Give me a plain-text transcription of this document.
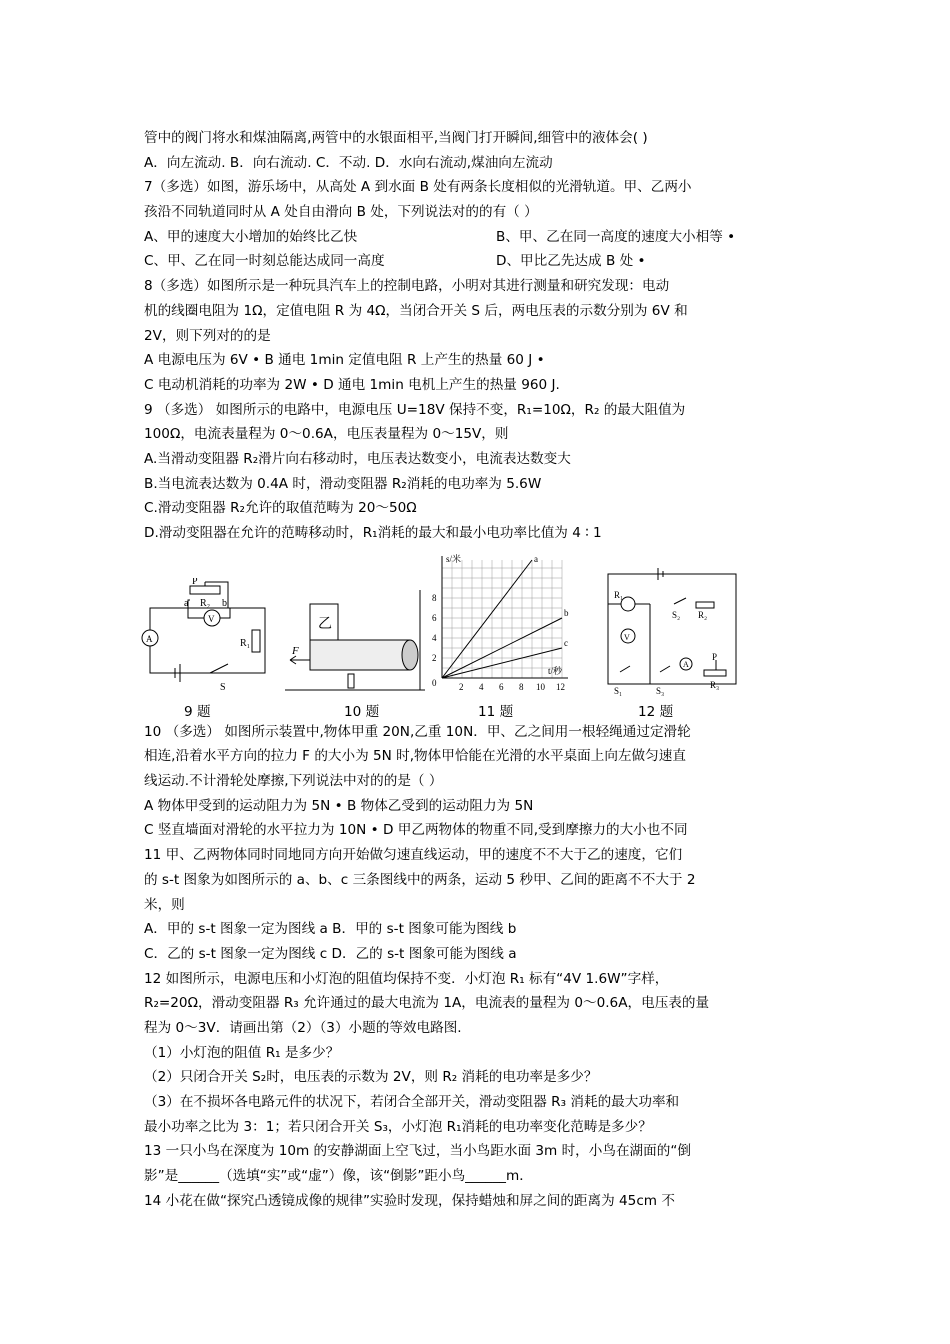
管中的阀门将水和煤油隔离,两管中的水银面相平,当阀门打开瞬间,细管中的液体会( )
A．向左流动. B．向右流动. C．不动. D．水向右流动,煤油向左流动
7（多选）如图，游乐场中，从高处 A 到水面 B 处有两条长度相似的光滑轨道。甲、乙两小
孩沿不同轨道同时从 A 处自由滑向 B 处，下列说法对的的有（ ）
A、甲的速度大小增加的始终比乙快	B、甲、乙在同一高度的速度大小相等 •
C、甲、乙在同一时刻总能达成同一高度	D、甲比乙先达成 B 处 •
8（多选）如图所示是一种玩具汽车上的控制电路，小明对其进行测量和研究发现：电动
机的线圈电阻为 1Ω，定值电阻 R 为 4Ω，当闭合开关 S 后，两电压表的示数分别为 6V 和
2V，则下列对的的是
A 电源电压为 6V • B 通电 1min 定值电阻 R 上产生的热量 60 J •
C 电动机消耗的功率为 2W • D 通电 1min 电机上产生的热量 960 J.
9 （多选） 如图所示的电路中，电源电压 U=18V 保持不变，R₁=10Ω，R₂ 的最大阻值为
100Ω，电流表量程为 0～0.6A，电压表量程为 0～15V，则
A.当滑动变阻器 R₂滑片向右移动时，电压表达数变小，电流表达数变大
B.当电流表达数为 0.4A 时，滑动变阻器 R₂消耗的电功率为 5.6W
C.滑动变阻器 R₂允许的取值范畴为 20～50Ω
D.滑动变阻器在允许的范畴移动时，R₁消耗的最大和最小电功率比值为 4 ∶ 1
P
a R₂ b
V
A	R₁
S
乙
F
s/米
t/秒
a
b
c
0	2 4 6 8 10 12
2
4
6
8	R₁
S₂ R₂
V
A
P
S₁	S₃
R₃
9 题	10 题	11 题	12 题
10 （多选） 如图所示装置中,物体甲重 20N,乙重 10N．甲、乙之间用一根轻绳通过定滑轮
相连,沿着水平方向的拉力 F 的大小为 5N 时,物体甲恰能在光滑的水平桌面上向左做匀速直
线运动.不计滑轮处摩擦,下列说法中对的的是（ ）
A 物体甲受到的运动阻力为 5N • B 物体乙受到的运动阻力为 5N
C 竖直墙面对滑轮的水平拉力为 10N • D 甲乙两物体的物重不同,受到摩擦力的大小也不同
11 甲、乙两物体同时同地同方向开始做匀速直线运动，甲的速度不不大于乙的速度，它们
的 s-t 图象为如图所示的 a、b、c 三条图线中的两条，运动 5 秒甲、乙间的距离不不大于 2
米，则
A．甲的 s-t 图象一定为图线 a B．甲的 s-t 图象可能为图线 b
C．乙的 s-t 图象一定为图线 c D．乙的 s-t 图象可能为图线 a
12 如图所示，电源电压和小灯泡的阻值均保持不变．小灯泡 R₁ 标有“4V 1.6W”字样，
R₂=20Ω，滑动变阻器 R₃ 允许通过的最大电流为 1A，电流表的量程为 0～0.6A，电压表的量
程为 0～3V．请画出第（2）（3）小题的等效电路图.
（1）小灯泡的阻值 R₁ 是多少？
（2）只闭合开关 S₂时，电压表的示数为 2V，则 R₂ 消耗的电功率是多少？
（3）在不损坏各电路元件的状况下，若闭合全部开关，滑动变阻器 R₃ 消耗的最大功率和
最小功率之比为 3：1；若只闭合开关 S₃，小灯泡 R₁消耗的电功率变化范畴是多少？
13 一只小鸟在深度为 10m 的安静湖面上空飞过，当小鸟距水面 3m 时，小鸟在湖面的“倒
影”是______（选填“实”或“虚”）像，该“倒影”距小鸟______m．
14 小花在做“探究凸透镜成像的规律”实验时发现，保持蜡烛和屏之间的距离为 45cm 不
